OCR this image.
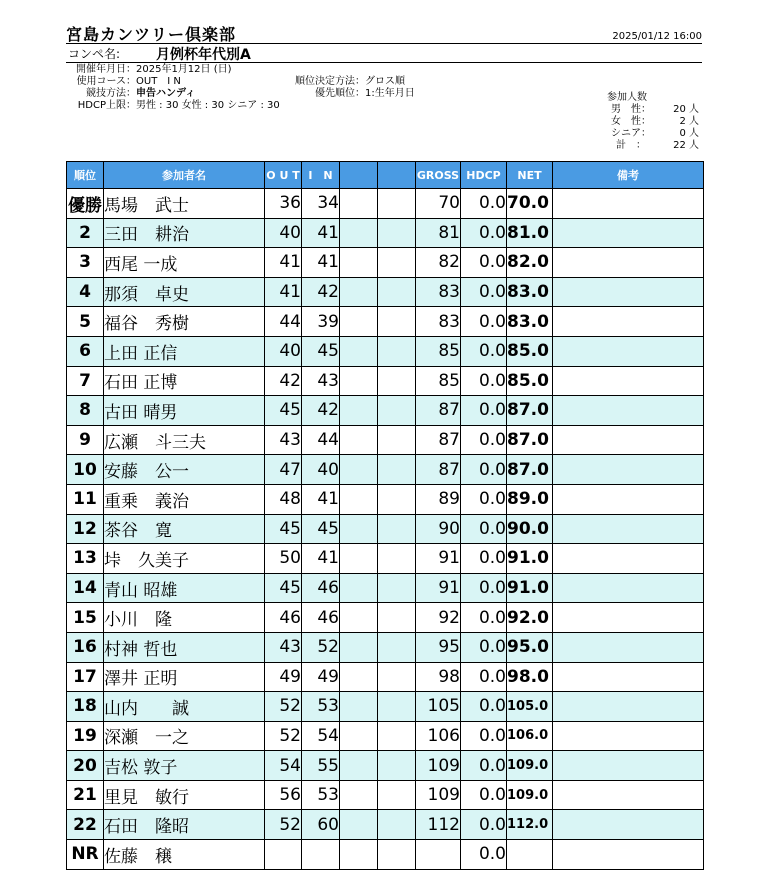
宮島カンツリー倶楽部	2025/01/12 16:00
コンペ名:	月例杯年代別A
開催年月日：2025年1月12日 (日)
使用コース：OUT　I N
競技方法：申告ハンディ
HDCP上限：男性 : 30 女性 : 30 シニア : 30
順位決定方法：グロス順
優先順位：1:生年月日	参加人数
男　性：	20 人
女　性：	2 人
シニア：	0 人
計　：	22 人
順位	参加者名	O U T	I　N			GROSS	HDCP	NET	備考
優勝	馬場　武士	36	34			70	0.0	70.0	
2	三田　耕治	40	41			81	0.0	81.0	
3	西尾 一成	41	41			82	0.0	82.0	
4	那須　卓史	41	42			83	0.0	83.0	
5	福谷　秀樹	44	39			83	0.0	83.0	
6	上田 正信	40	45			85	0.0	85.0	
7	石田 正博	42	43			85	0.0	85.0	
8	古田 晴男	45	42			87	0.0	87.0	
9	広瀬　斗三夫	43	44			87	0.0	87.0	
10	安藤　公一	47	40			87	0.0	87.0	
11	重乗　義治	48	41			89	0.0	89.0	
12	茶谷　寛	45	45			90	0.0	90.0	
13	垰　久美子	50	41			91	0.0	91.0	
14	青山 昭雄	45	46			91	0.0	91.0	
15	小川　隆	46	46			92	0.0	92.0	
16	村神 哲也	43	52			95	0.0	95.0	
17	澤井 正明	49	49			98	0.0	98.0	
18	山内　　誠	52	53			105	0.0	105.0	
19	深瀬　一之	52	54			106	0.0	106.0	
20	吉松 敦子	54	55			109	0.0	109.0	
21	里見　敏行	56	53			109	0.0	109.0	
22	石田　隆昭	52	60			112	0.0	112.0	
NR	佐藤　穣						0.0		
